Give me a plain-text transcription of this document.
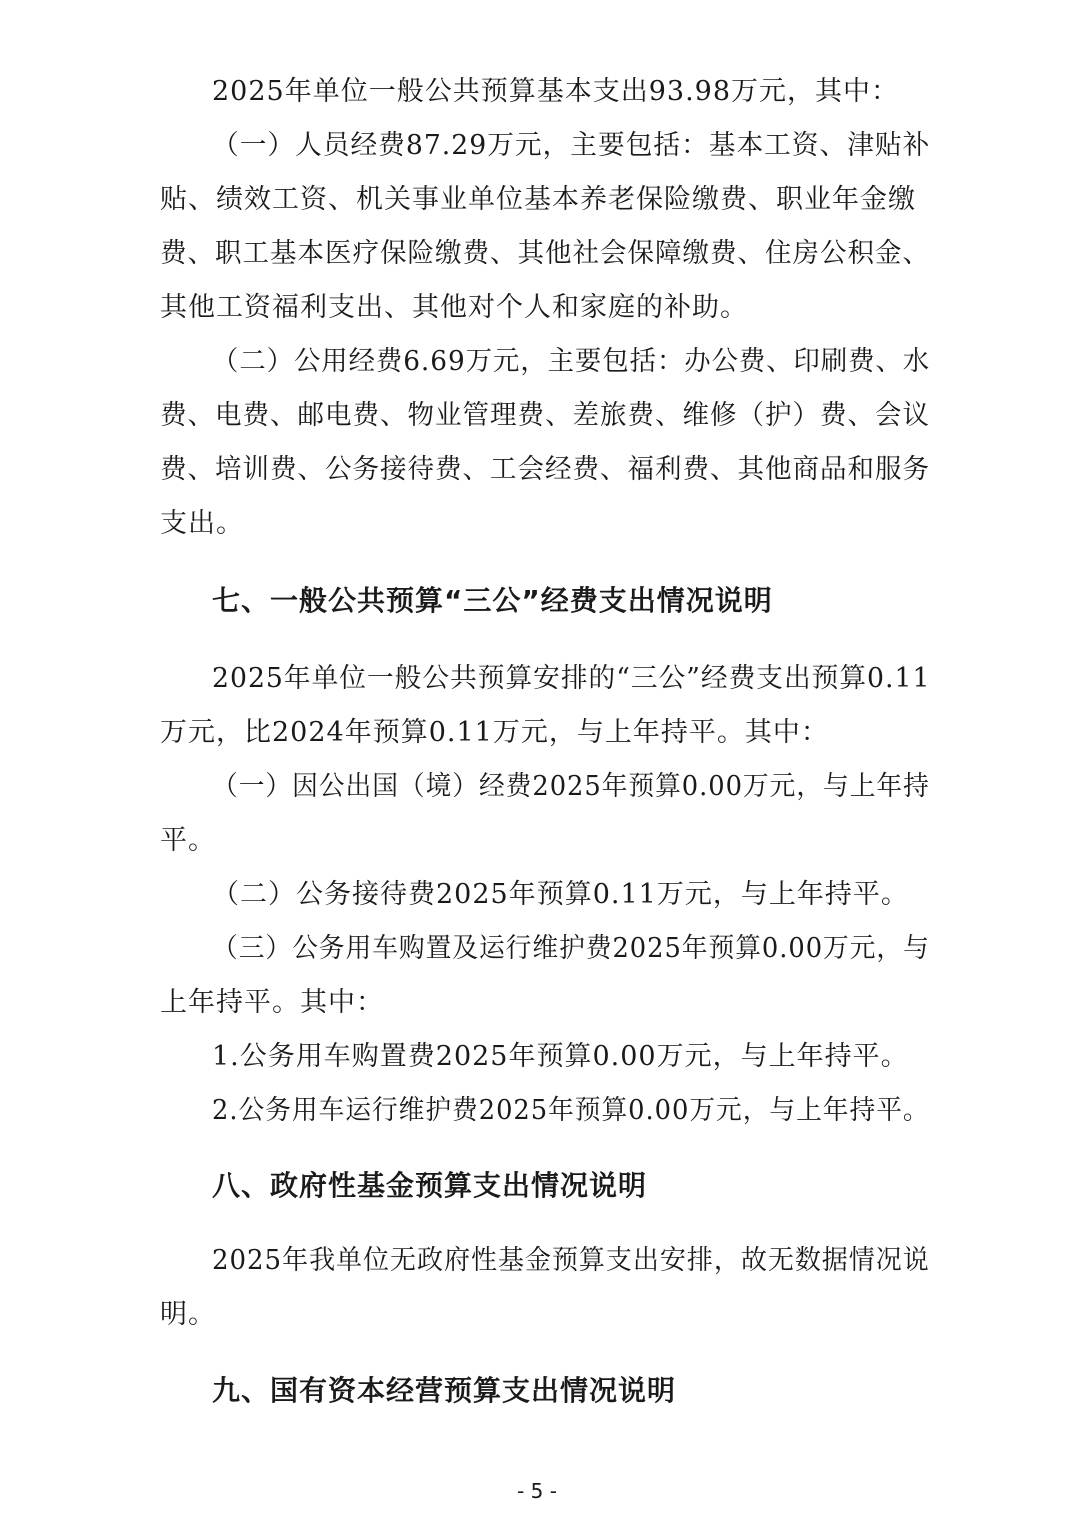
2025年单位一般公共预算基本支出93.98万元，其中：
（一）人员经费87.29万元，主要包括：基本工资、津贴补
贴、绩效工资、机关事业单位基本养老保险缴费、职业年金缴
费、职工基本医疗保险缴费、其他社会保障缴费、住房公积金、
其他工资福利支出、其他对个人和家庭的补助。
（二）公用经费6.69万元，主要包括：办公费、印刷费、水
费、电费、邮电费、物业管理费、差旅费、维修（护）费、会议
费、培训费、公务接待费、工会经费、福利费、其他商品和服务
支出。
七、一般公共预算“三公”经费支出情况说明
2025年单位一般公共预算安排的“三公”经费支出预算0.11
万元，比2024年预算0.11万元，与上年持平。其中：
（一）因公出国（境）经费2025年预算0.00万元，与上年持
平。
（二）公务接待费2025年预算0.11万元，与上年持平。
（三）公务用车购置及运行维护费2025年预算0.00万元，与
上年持平。其中：
1.公务用车购置费2025年预算0.00万元，与上年持平。
2.公务用车运行维护费2025年预算0.00万元，与上年持平。
八、政府性基金预算支出情况说明
2025年我单位无政府性基金预算支出安排，故无数据情况说
明。
九、国有资本经营预算支出情况说明
- 5 -
